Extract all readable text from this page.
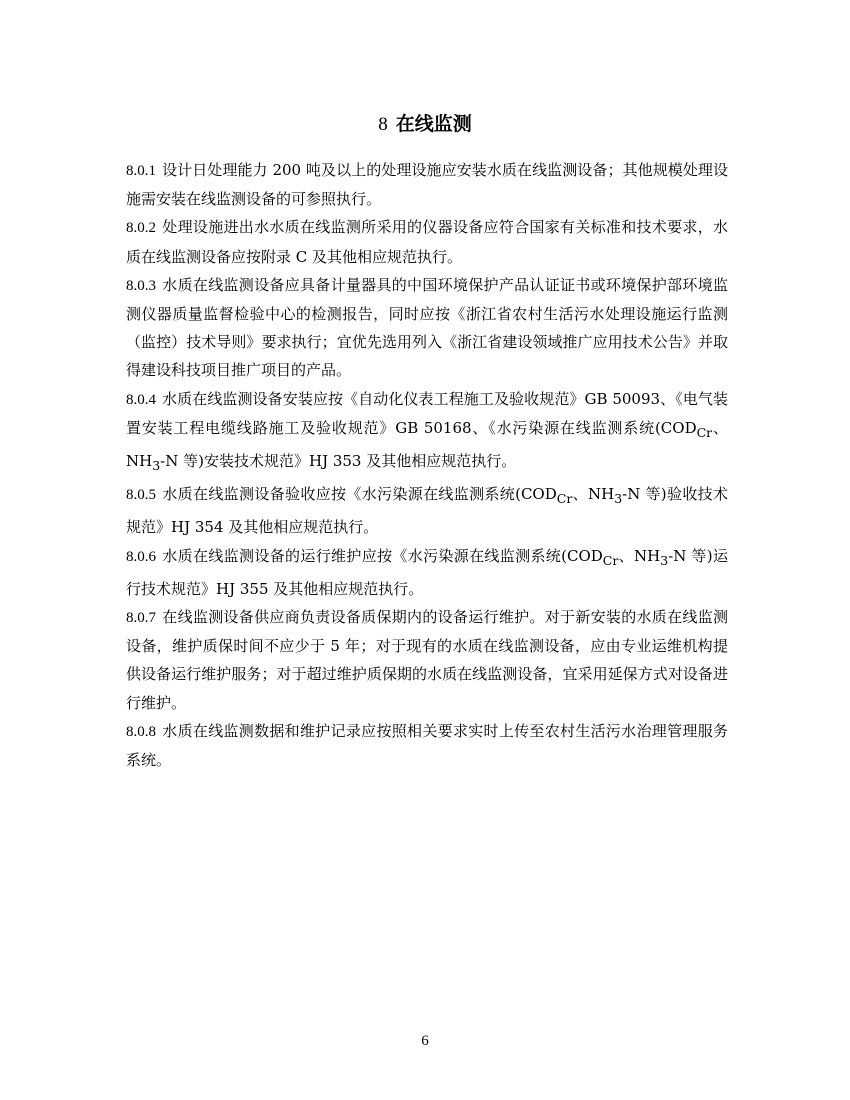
8 在线监测

8.0.1 设计日处理能力 200 吨及以上的处理设施应安装水质在线监测设备；其他规模处理设施需安装在线监测设备的可参照执行。

8.0.2 处理设施进出水水质在线监测所采用的仪器设备应符合国家有关标准和技术要求，水质在线监测设备应按附录 C 及其他相应规范执行。

8.0.3 水质在线监测设备应具备计量器具的中国环境保护产品认证证书或环境保护部环境监测仪器质量监督检验中心的检测报告，同时应按《浙江省农村生活污水处理设施运行监测（监控）技术导则》要求执行；宜优先选用列入《浙江省建设领域推广应用技术公告》并取得建设科技项目推广项目的产品。

8.0.4 水质在线监测设备安装应按《自动化仪表工程施工及验收规范》GB 50093、《电气装置安装工程电缆线路施工及验收规范》GB 50168、《水污染源在线监测系统($COD_{Cr}$、$NH_3-N$ 等)安装技术规范》HJ 353 及其他相应规范执行。

8.0.5 水质在线监测设备验收应按《水污染源在线监测系统($COD_{Cr}$、$NH_3-N$ 等)验收技术规范》HJ 354 及其他相应规范执行。

8.0.6 水质在线监测设备的运行维护应按《水污染源在线监测系统($COD_{Cr}$、$NH_3-N$ 等)运行技术规范》HJ 355 及其他相应规范执行。

8.0.7 在线监测设备供应商负责设备质保期内的设备运行维护。对于新安装的水质在线监测设备，维护质保时间不应少于 5 年；对于现有的水质在线监测设备，应由专业运维机构提供设备运行维护服务；对于超过维护质保期的水质在线监测设备，宜采用延保方式对设备进行维护。

8.0.8 水质在线监测数据和维护记录应按照相关要求实时上传至农村生活污水治理管理服务系统。

6
